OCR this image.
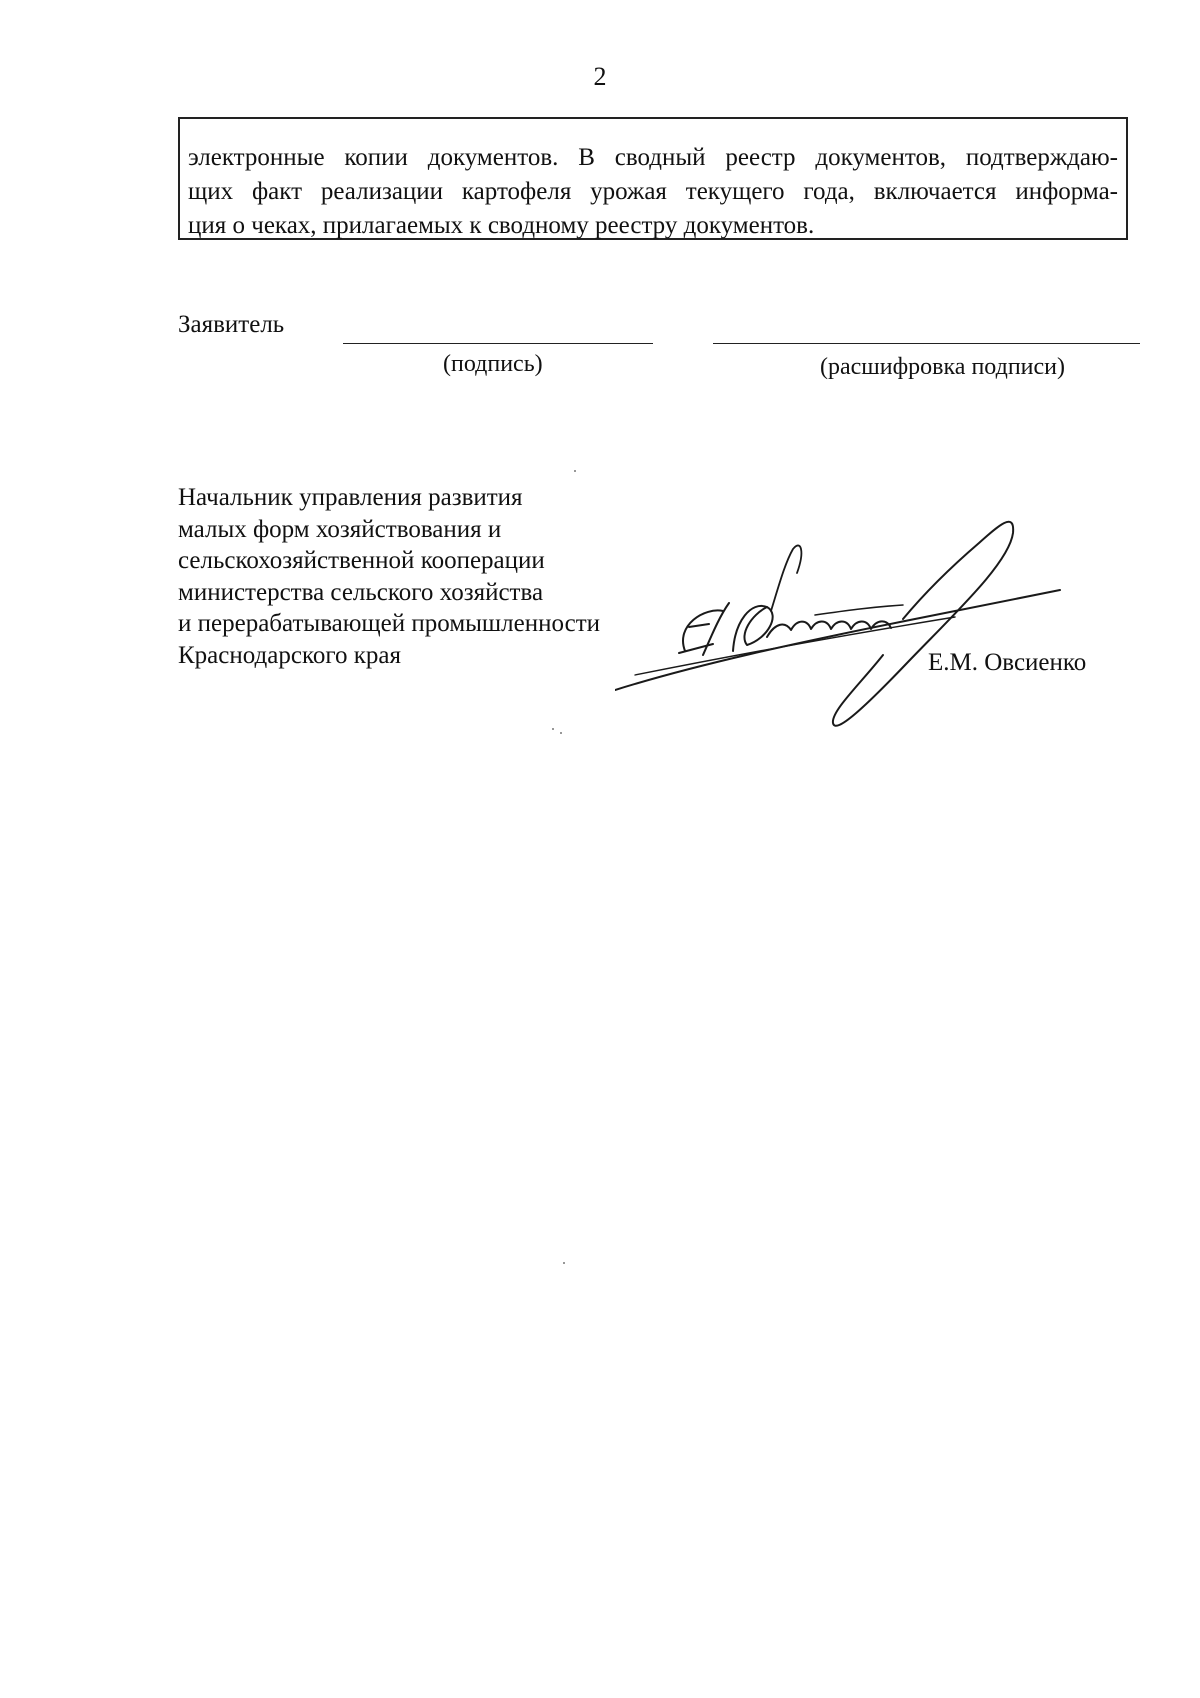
2
электронные копии документов. В сводный реестр документов, подтверждаю-
щих факт реализации картофеля урожая текущего года, включается информа-
ция о чеках, прилагаемых к сводному реестру документов.
Заявитель
(подпись)	(расшифровка подписи)
Начальник управления развития
малых форм хозяйствования и
сельскохозяйственной кооперации
министерства сельского хозяйства
и перерабатывающей промышленности
Краснодарского края	Е.М. Овсиенко
